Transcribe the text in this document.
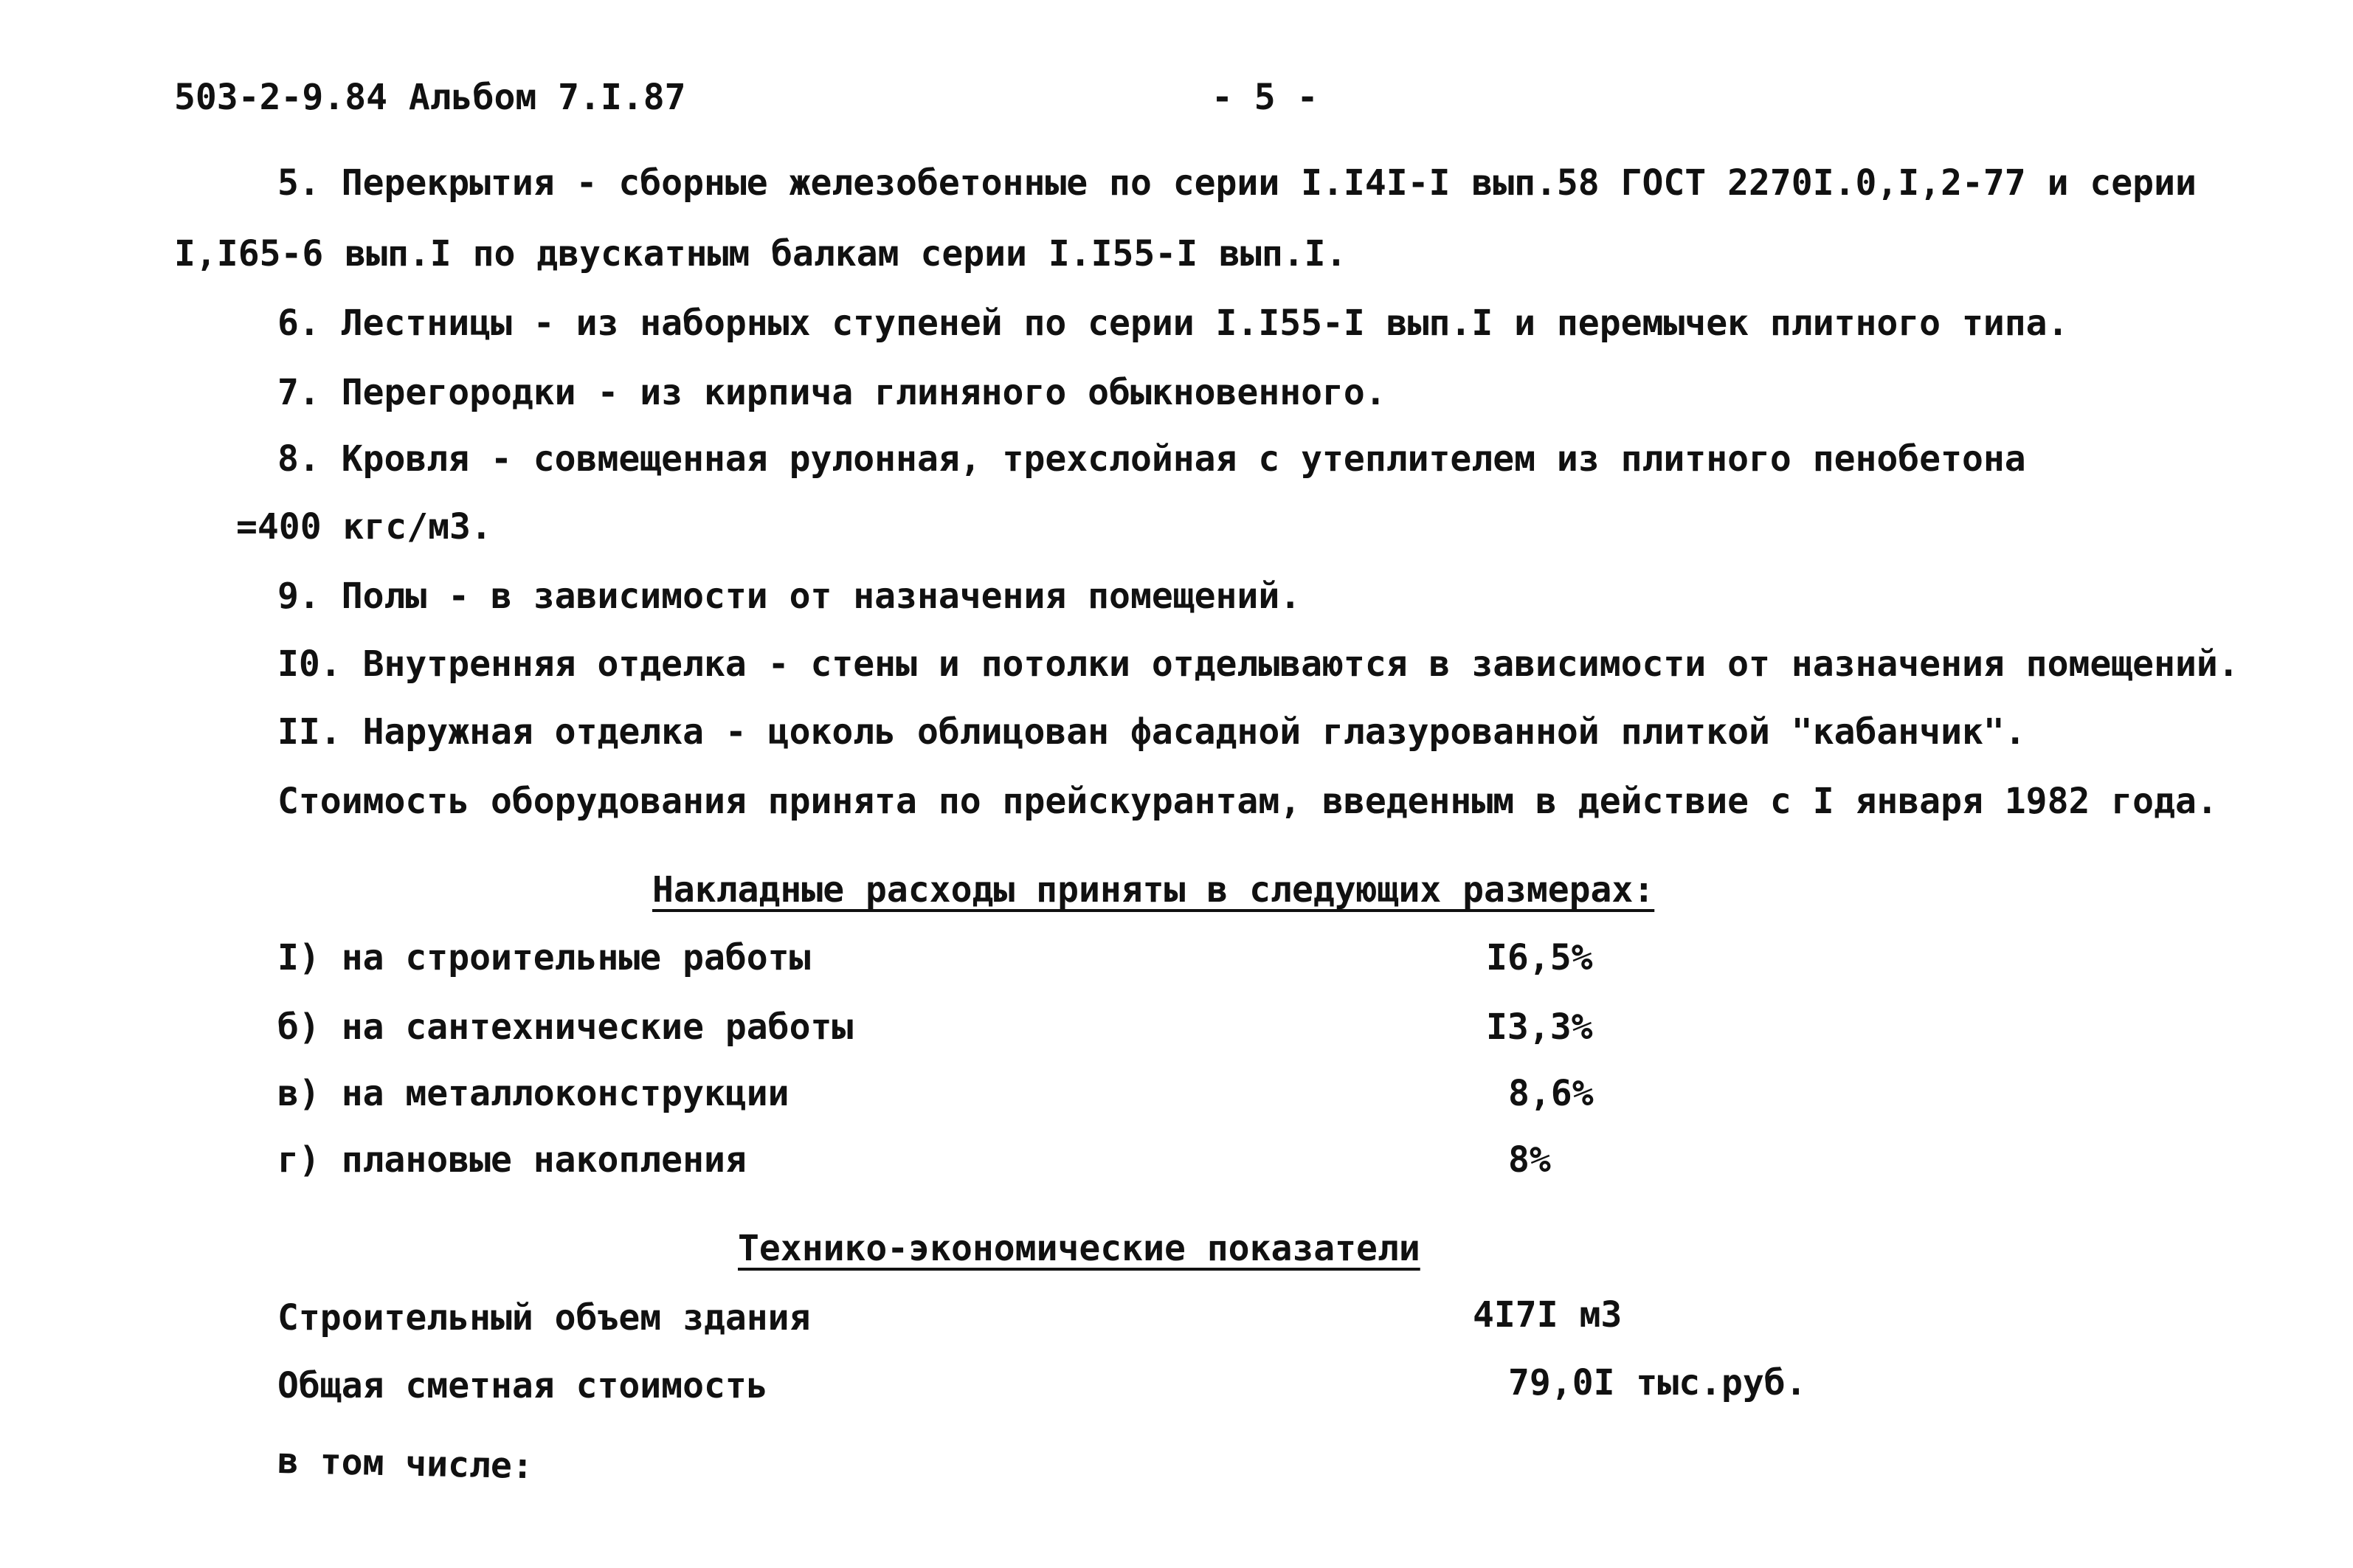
503-2-9.84 Альбом 7.I.87	- 5 -
5. Перекрытия - сборные железобетонные по серии I.I4I-I вып.58 ГОСТ 2270I.0,I,2-77 и серии
I,I65-6 вып.I по двускатным балкам серии I.I55-I вып.I.
6. Лестницы - из наборных ступеней по серии I.I55-I вып.I и перемычек плитного типа.
7. Перегородки - из кирпича глиняного обыкновенного.
8. Кровля - совмещенная рулонная, трехслойная с утеплителем из плитного пенобетона
=400 кгс/м3.
9. Полы - в зависимости от назначения помещений.
I0. Внутренняя отделка - стены и потолки отделываются в зависимости от назначения помещений.
II. Наружная отделка - цоколь облицован фасадной глазурованной плиткой "кабанчик".
Стоимость оборудования принята по прейскурантам, введенным в действие с I января 1982 года.
Накладные расходы приняты в следующих размерах:
I) на строительные работы	I6,5%
б) на сантехнические работы	I3,3%
в) на металлоконструкции	8,6%
г) плановые накопления	8%
Технико-экономические показатели
Строительный объем здания	4I7I м3
Общая сметная стоимость	79,0I тыс.руб.
в том числе:
